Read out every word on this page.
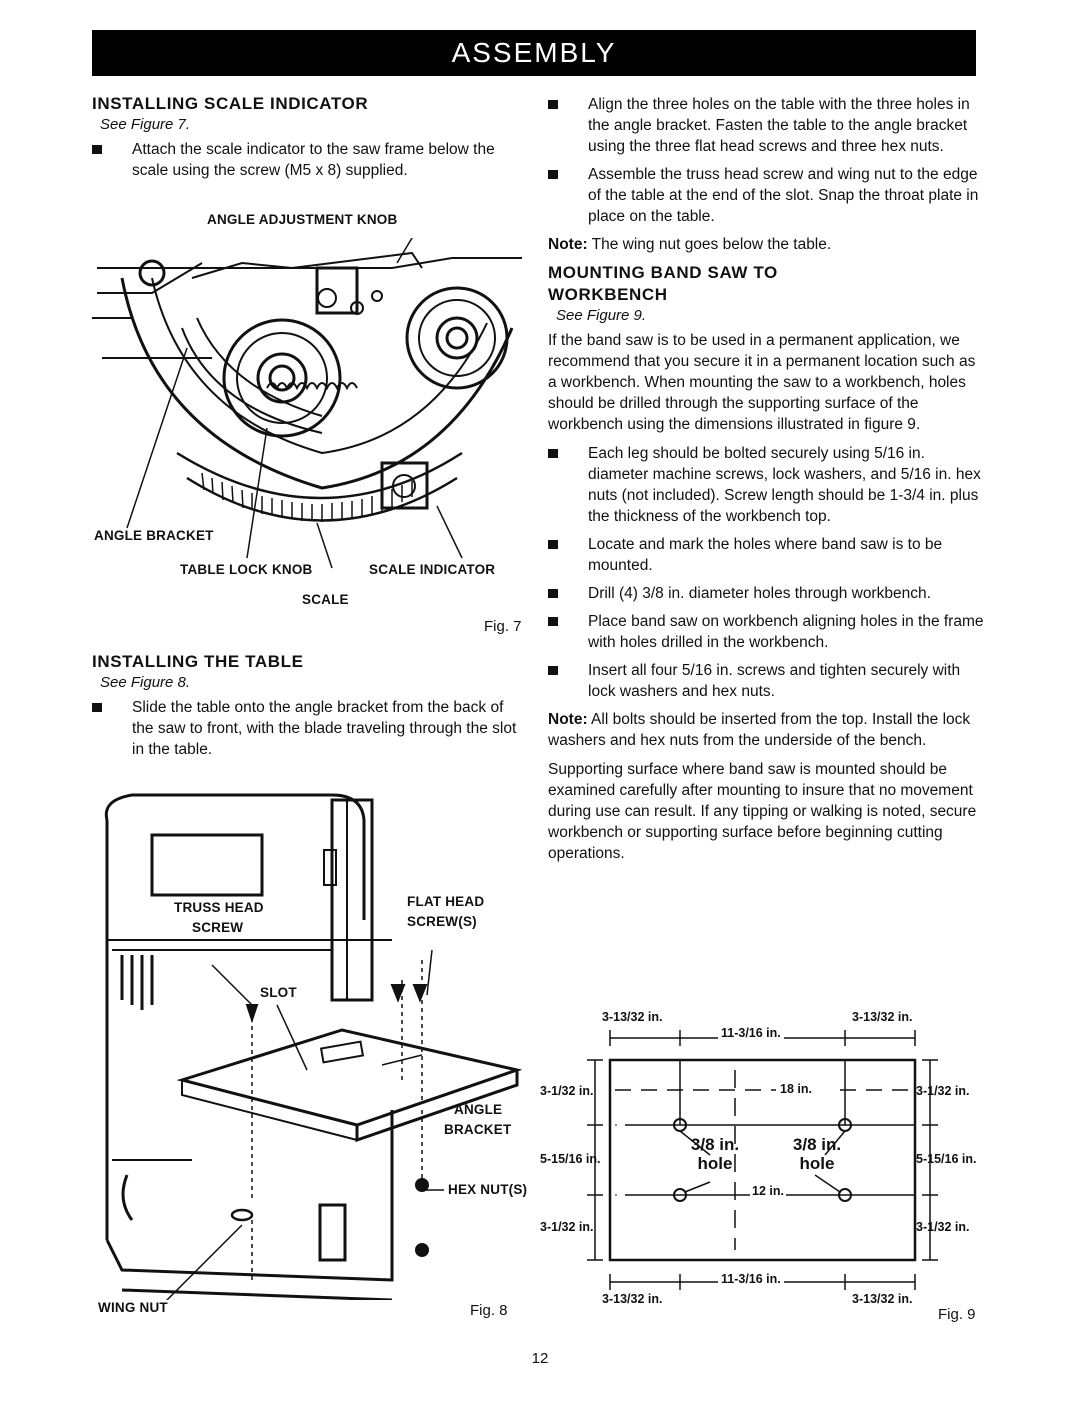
ASSEMBLY
INSTALLING SCALE INDICATOR
See Figure 7.
Attach the scale indicator to the saw frame below the scale using the screw (M5 x 8) supplied.
ANGLE ADJUSTMENT KNOB
ANGLE BRACKET
TABLE LOCK KNOB	SCALE INDICATOR
SCALE
Fig. 7
INSTALLING THE TABLE
See Figure 8.
Slide the table onto the angle bracket from the back of the saw to front, with the blade traveling through the slot in the table.
TRUSS HEAD
SCREW
FLAT HEAD
SCREW(S)
SLOT
ANGLE
BRACKET
HEX NUT(S)
WING NUT	Fig. 8
Align the three holes on the table with the three holes in the angle bracket. Fasten the table to the angle bracket using the three flat head screws and three hex nuts.
Assemble the truss head screw and wing nut to the edge of the table at the end of the slot. Snap the throat plate in place on the table.
Note: The wing nut goes below the table.
MOUNTING BAND SAW TO
WORKBENCH
See Figure 9.
If the band saw is to be used in a permanent application, we recommend that you secure it in a permanent location such as a workbench. When mounting the saw to a workbench, holes should be drilled through the supporting surface of the workbench using the dimensions illustrated in figure 9.
Each leg should be bolted securely using 5/16 in. diameter machine screws, lock washers, and 5/16 in. hex nuts (not included). Screw length should be 1-3/4 in. plus the thickness of the workbench top.
Locate and mark the holes where band saw is to be mounted.
Drill (4) 3/8 in. diameter holes through workbench.
Place band saw on workbench aligning holes in the frame with holes drilled in the workbench.
Insert all four 5/16 in. screws and tighten securely with lock washers and hex nuts.
Note: All bolts should be inserted from the top. Install the lock washers and hex nuts from the underside of the bench.
Supporting surface where band saw is mounted should be examined carefully after mounting to insure that no movement during use can result. If any tipping or walking is noted, secure workbench or supporting surface before beginning cutting operations.
3-13/32 in.	3-13/32 in.
11-3/16 in.
3-1/32 in.
5-15/16 in.
3-1/32 in.
3-1/32 in.
5-15/16 in.
3-1/32 in.
18 in.
12 in.
3/8 in.
hole
3/8 in.
hole
11-3/16 in.
3-13/32 in.	3-13/32 in.
Fig. 9
12
